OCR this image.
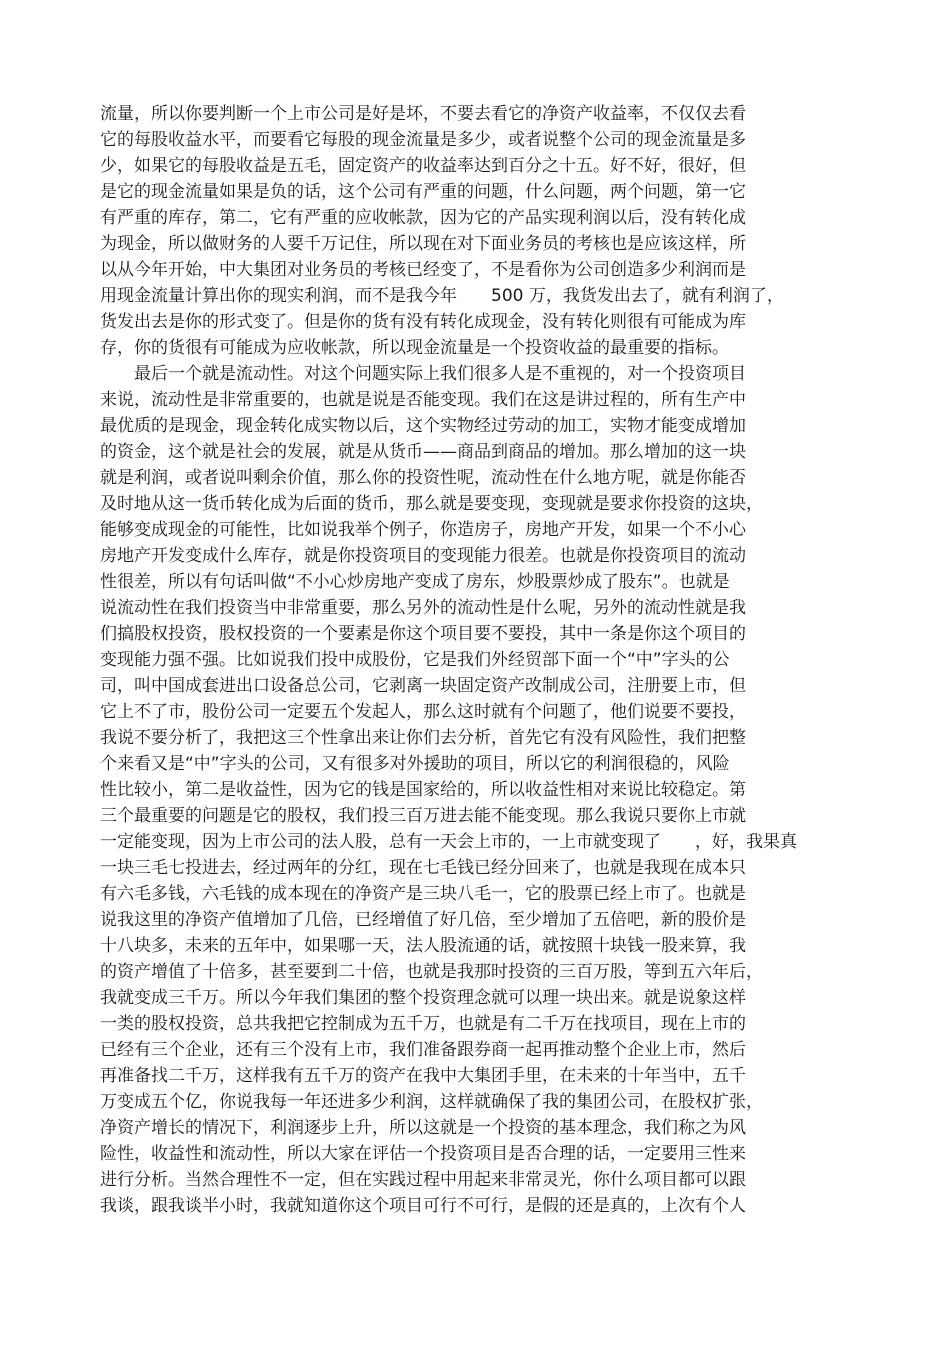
流量，所以你要判断一个上市公司是好是坏，不要去看它的净资产收益率，不仅仅去看
它的每股收益水平，而要看它每股的现金流量是多少，或者说整个公司的现金流量是多
少，如果它的每股收益是五毛，固定资产的收益率达到百分之十五。好不好，很好，但
是它的现金流量如果是负的话，这个公司有严重的问题，什么问题，两个问题，第一它
有严重的库存，第二，它有严重的应收帐款，因为它的产品实现利润以后，没有转化成
为现金，所以做财务的人要千万记住，所以现在对下面业务员的考核也是应该这样，所
以从今年开始，中大集团对业务员的考核已经变了，不是看你为公司创造多少利润而是
用现金流量计算出你的现实利润，而不是我今年　　500 万，我货发出去了，就有利润了，
货发出去是你的形式变了。但是你的货有没有转化成现金，没有转化则很有可能成为库
存，你的货很有可能成为应收帐款，所以现金流量是一个投资收益的最重要的指标。
最后一个就是流动性。对这个问题实际上我们很多人是不重视的，对一个投资项目
来说，流动性是非常重要的，也就是说是否能变现。我们在这是讲过程的，所有生产中
最优质的是现金，现金转化成实物以后，这个实物经过劳动的加工，实物才能变成增加
的资金，这个就是社会的发展，就是从货币——商品到商品的增加。那么增加的这一块
就是利润，或者说叫剩余价值，那么你的投资性呢，流动性在什么地方呢，就是你能否
及时地从这一货币转化成为后面的货币，那么就是要变现，变现就是要求你投资的这块，
能够变成现金的可能性，比如说我举个例子，你造房子，房地产开发，如果一个不小心
房地产开发变成什么库存，就是你投资项目的变现能力很差。也就是你投资项目的流动
性很差，所以有句话叫做“不小心炒房地产变成了房东，炒股票炒成了股东”。也就是
说流动性在我们投资当中非常重要，那么另外的流动性是什么呢，另外的流动性就是我
们搞股权投资，股权投资的一个要素是你这个项目要不要投，其中一条是你这个项目的
变现能力强不强。比如说我们投中成股份，它是我们外经贸部下面一个“中”字头的公
司，叫中国成套进出口设备总公司，它剥离一块固定资产改制成公司，注册要上市，但
它上不了市，股份公司一定要五个发起人，那么这时就有个问题了，他们说要不要投，
我说不要分析了，我把这三个性拿出来让你们去分析，首先它有没有风险性，我们把整
个来看又是“中”字头的公司，又有很多对外援助的项目，所以它的利润很稳的，风险
性比较小，第二是收益性，因为它的钱是国家给的，所以收益性相对来说比较稳定。第
三个最重要的问题是它的股权，我们投三百万进去能不能变现。那么我说只要你上市就
一定能变现，因为上市公司的法人股，总有一天会上市的，一上市就变现了　　，好，我果真
一块三毛七投进去，经过两年的分红，现在七毛钱已经分回来了，也就是我现在成本只
有六毛多钱，六毛钱的成本现在的净资产是三块八毛一，它的股票已经上市了。也就是
说我这里的净资产值增加了几倍，已经增值了好几倍，至少增加了五倍吧，新的股价是
十八块多，未来的五年中，如果哪一天，法人股流通的话，就按照十块钱一股来算，我
的资产增值了十倍多，甚至要到二十倍，也就是我那时投资的三百万股，等到五六年后，
我就变成三千万。所以今年我们集团的整个投资理念就可以理一块出来。就是说象这样
一类的股权投资，总共我把它控制成为五千万，也就是有二千万在找项目，现在上市的
已经有三个企业，还有三个没有上市，我们准备跟券商一起再推动整个企业上市，然后
再准备找二千万，这样我有五千万的资产在我中大集团手里，在未来的十年当中，五千
万变成五个亿，你说我每一年还进多少利润，这样就确保了我的集团公司，在股权扩张，
净资产增长的情况下，利润逐步上升，所以这就是一个投资的基本理念，我们称之为风
险性，收益性和流动性，所以大家在评估一个投资项目是否合理的话，一定要用三性来
进行分析。当然合理性不一定，但在实践过程中用起来非常灵光，你什么项目都可以跟
我谈，跟我谈半小时，我就知道你这个项目可行不可行，是假的还是真的，上次有个人
